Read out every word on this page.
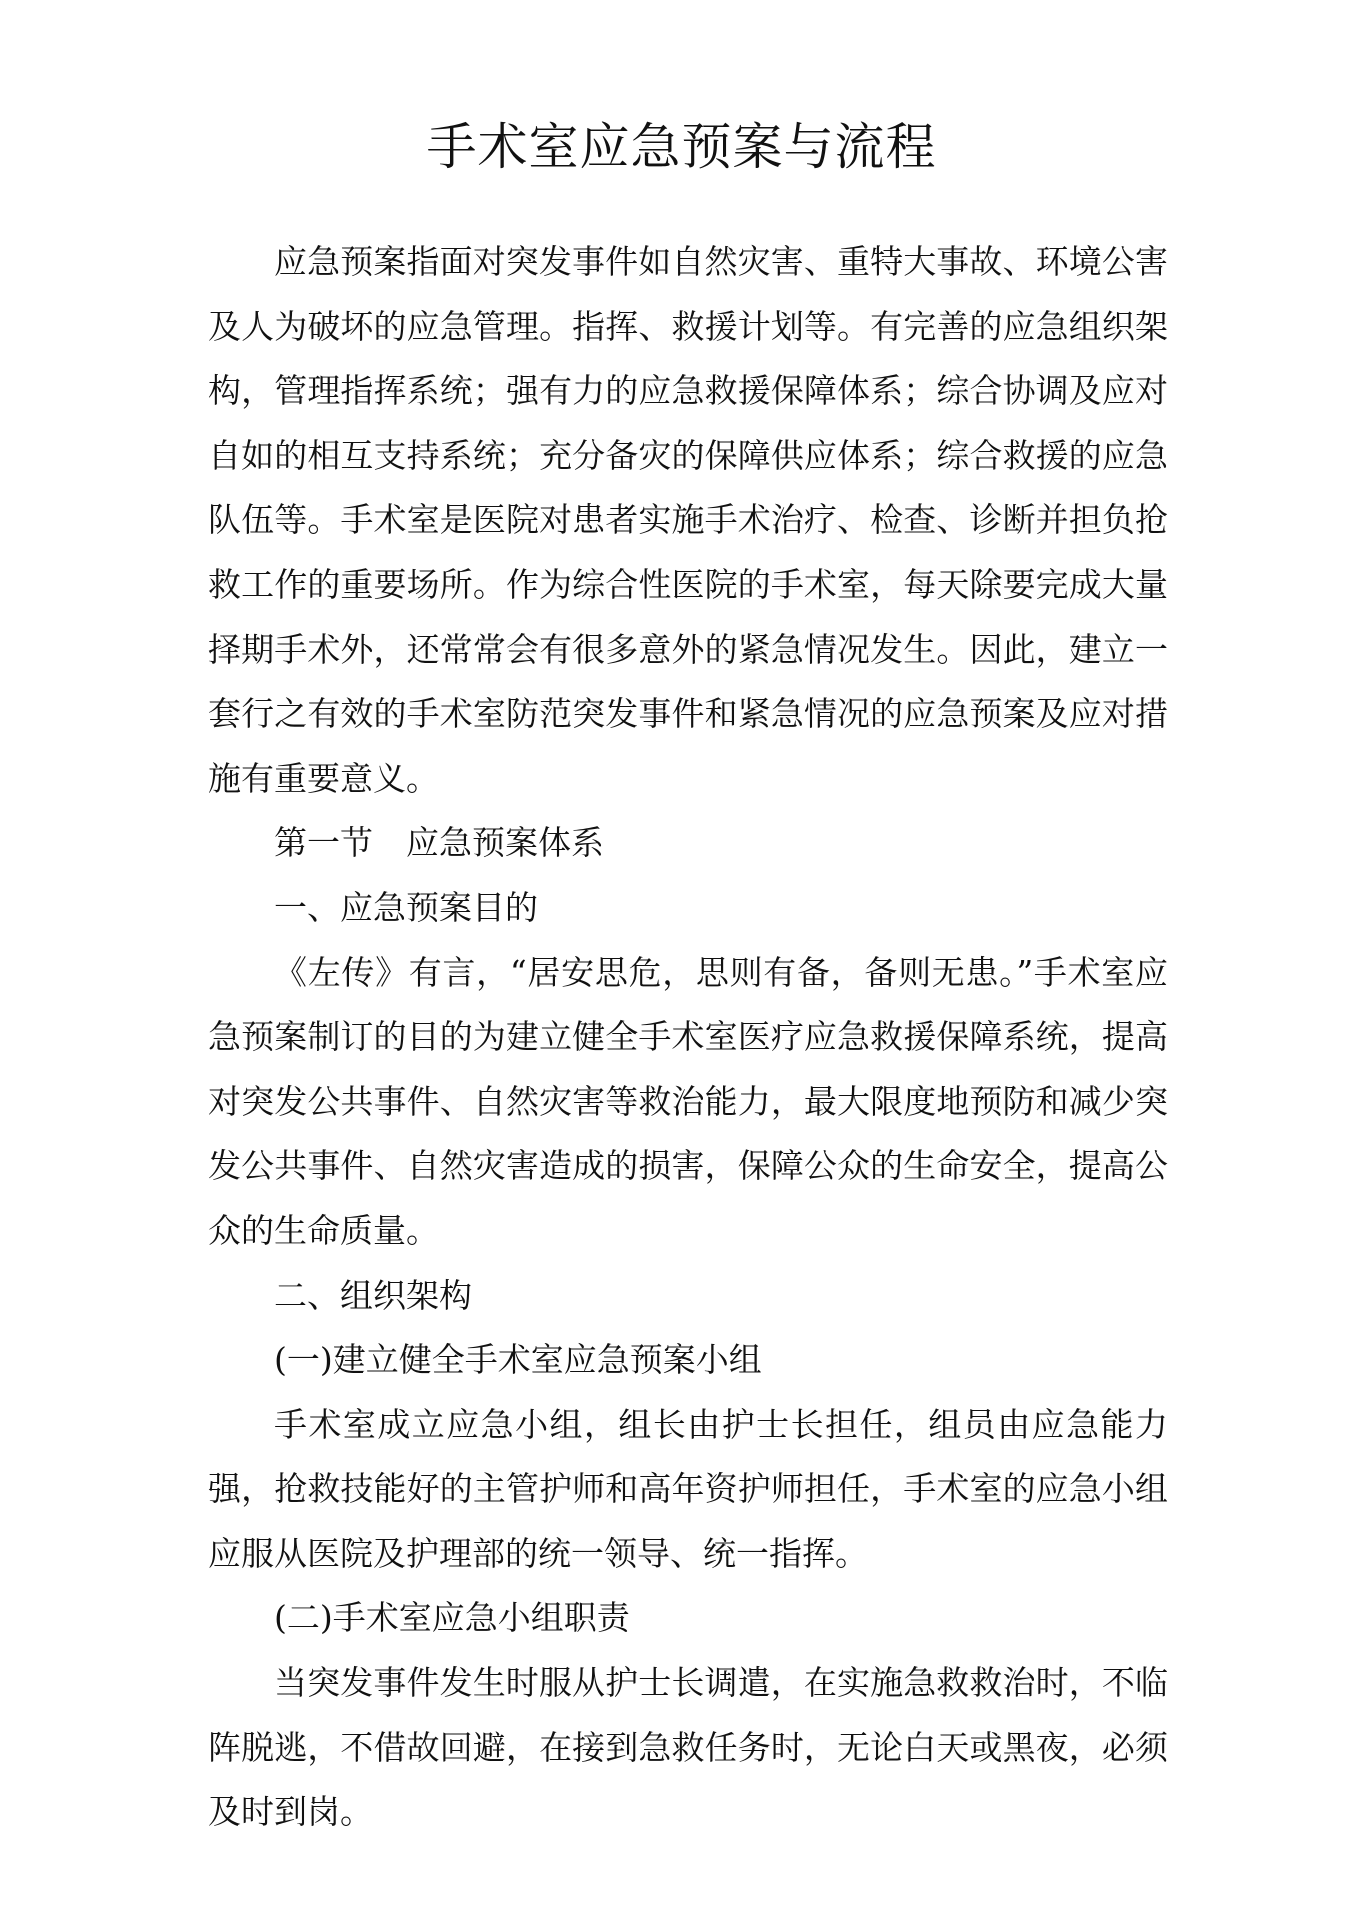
手术室应急预案与流程

应急预案指面对突发事件如自然灾害、重特大事故、环境公害及人为破坏的应急管理。指挥、救援计划等。有完善的应急组织架构，管理指挥系统；强有力的应急救援保障体系；综合协调及应对自如的相互支持系统；充分备灾的保障供应体系；综合救援的应急队伍等。手术室是医院对患者实施手术治疗、检查、诊断并担负抢救工作的重要场所。作为综合性医院的手术室，每天除要完成大量择期手术外，还常常会有很多意外的紧急情况发生。因此，建立一套行之有效的手术室防范突发事件和紧急情况的应急预案及应对措施有重要意义。

第一节　应急预案体系

一、应急预案目的

《左传》有言，“居安思危，思则有备，备则无患。”手术室应急预案制订的目的为建立健全手术室医疗应急救援保障系统，提高对突发公共事件、自然灾害等救治能力，最大限度地预防和减少突发公共事件、自然灾害造成的损害，保障公众的生命安全，提高公众的生命质量。

二、组织架构

(一)建立健全手术室应急预案小组

手术室成立应急小组，组长由护士长担任，组员由应急能力强，抢救技能好的主管护师和高年资护师担任，手术室的应急小组应服从医院及护理部的统一领导、统一指挥。

(二)手术室应急小组职责

当突发事件发生时服从护士长调遣，在实施急救救治时，不临阵脱逃，不借故回避，在接到急救任务时，无论白天或黑夜，必须及时到岗。
